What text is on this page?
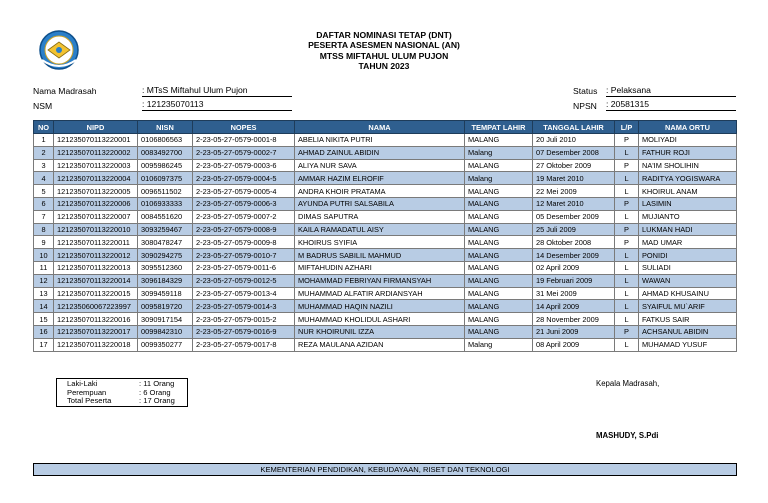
DAFTAR NOMINASI TETAP (DNT)
PESERTA ASESMEN NASIONAL (AN)
MTSS MIFTAHUL ULUM PUJON
TAHUN 2023
Nama Madrasah	: MTsS Miftahul Ulum Pujon
NSM	: 121235070113
Status : Pelaksana
NPSN : 20581315
NO	NIPD	NISN	NOPES	NAMA	TEMPAT LAHIR	TANGGAL LAHIR	L/P	NAMA ORTU
1	121235070113220001	0106806563	2-23-05-27-0579-0001-8	ABELIA NIKITA PUTRI	MALANG	20 Juli 2010	P	MOLIYADI
2	121235070113220002	0083492700	2-23-05-27-0579-0002-7	AHMAD ZAINUL ABIDIN	Malang	07 Desember 2008	L	FATHUR ROJI
3	121235070113220003	0095986245	2-23-05-27-0579-0003-6	ALIYA NUR SAVA	MALANG	27 Oktober 2009	P	NA'IM SHOLIHIN
4	121235070113220004	0106097375	2-23-05-27-0579-0004-5	AMMAR HAZIM ELROFIF	Malang	19 Maret 2010	L	RADITYA YOGISWARA
5	121235070113220005	0096511502	2-23-05-27-0579-0005-4	ANDRA KHOIR PRATAMA	MALANG	22 Mei 2009	L	KHOIRUL ANAM
6	121235070113220006	0106933333	2-23-05-27-0579-0006-3	AYUNDA PUTRI SALSABILA	MALANG	12 Maret 2010	P	LASIMIN
7	121235070113220007	0084551620	2-23-05-27-0579-0007-2	DIMAS SAPUTRA	MALANG	05 Desember 2009	L	MUJIANTO
8	121235070113220010	3093259467	2-23-05-27-0579-0008-9	KAILA RAMADATUL AISY	MALANG	25 Juli 2009	P	LUKMAN HADI
9	121235070113220011	3080478247	2-23-05-27-0579-0009-8	KHOIRUS SYIFIA	MALANG	28 Oktober 2008	P	MAD UMAR
10	121235070113220012	3090294275	2-23-05-27-0579-0010-7	M BADRUS SABILIL MAHMUD	MALANG	14 Desember 2009	L	PONIDI
11	121235070113220013	3095512360	2-23-05-27-0579-0011-6	MIFTAHUDIN AZHARI	MALANG	02 April 2009	L	SULIADI
12	121235070113220014	3096184329	2-23-05-27-0579-0012-5	MOHAMMAD FEBRIYAN FIRMANSYAH	MALANG	19 Februari 2009	L	WAWAN
13	121235070113220015	3099459118	2-23-05-27-0579-0013-4	MUHAMMAD ALFATIR ARDIANSYAH	MALANG	31 Mei 2009	L	AHMAD KHUSAINU
14	121235060067223997	0095819720	2-23-05-27-0579-0014-3	MUHAMMAD HAQIN NAZILI	MALANG	14 April 2009	L	SYAIFUL MU`ARIF
15	121235070113220016	3090917154	2-23-05-27-0579-0015-2	MUHAMMAD KHOLIDUL ASHARI	MALANG	28 November 2009	L	FATKUS SAIR
16	121235070113220017	0099842310	2-23-05-27-0579-0016-9	NUR KHOIRUNIL IZZA	MALANG	21 Juni 2009	P	ACHSANUL ABIDIN
17	121235070113220018	0099350277	2-23-05-27-0579-0017-8	REZA MAULANA AZIDAN	Malang	08 April 2009	L	MUHAMAD YUSUF
Laki-Laki	: 11 Orang
Perempuan	: 6 Orang
Total Peserta	: 17 Orang
Kepala Madrasah,
MASHUDY, S.Pdi
KEMENTERIAN PENDIDIKAN, KEBUDAYAAN, RISET DAN TEKNOLOGI
